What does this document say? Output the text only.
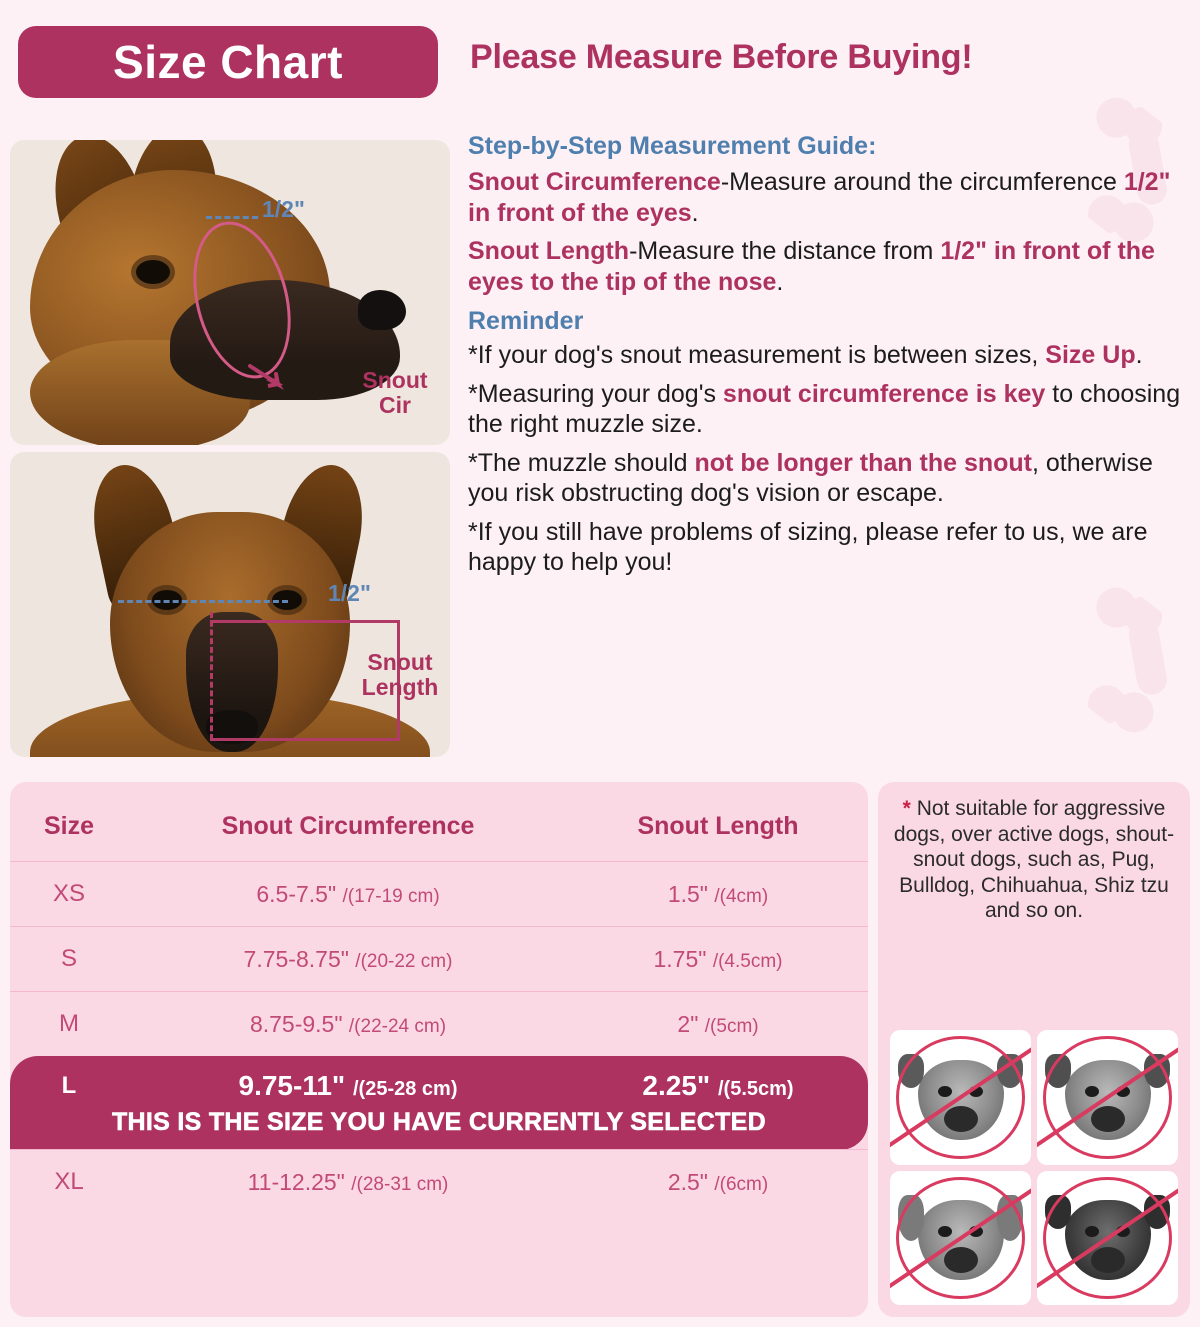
Size Chart	Please Measure Before Buying!
1/2"
Snout
Cir
1/2"
Snout
Length
Step-by-Step Measurement Guide:

Snout Circumference-Measure around the circumference 1/2" in front of the eyes.

Snout Length-Measure the distance from 1/2" in front of the eyes to the tip of the nose.

Reminder

*If your dog's snout measurement is between sizes, Size Up.

*Measuring your dog's snout circumference is key to choosing the right muzzle size.

*The muzzle should not be longer than the snout, otherwise you risk obstructing dog's vision or escape.

*If you still have problems of sizing, please refer to us, we are happy to help you!

Size	Snout Circumference	Snout Length
XS	6.5-7.5" /(17-19 cm)	1.5" /(4cm)
S	7.75-8.75" /(20-22 cm)	1.75" /(4.5cm)
M	8.75-9.5" /(22-24 cm)	2" /(5cm)
L	9.75-11" /(25-28 cm)	2.25" /(5.5cm)
THIS IS THE SIZE YOU HAVE CURRENTLY SELECTED		
XL	11-12.25" /(28-31 cm)	2.5" /(6cm)
* Not suitable for aggressive dogs, over active dogs, shout-snout dogs, such as, Pug, Bulldog, Chihuahua, Shiz tzu and so on.
